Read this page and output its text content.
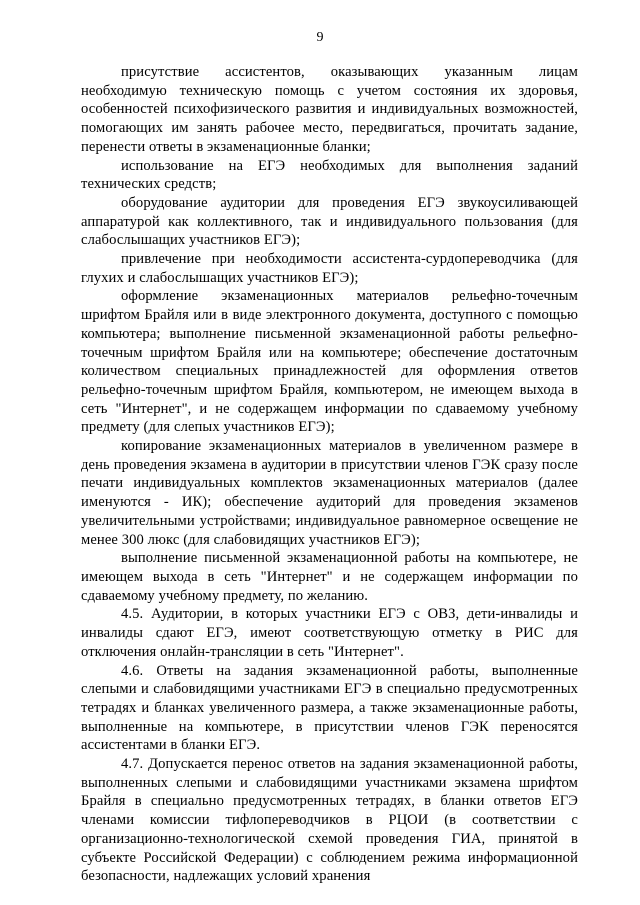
9

присутствие ассистентов, оказывающих указанным лицам необходимую техническую помощь с учетом состояния их здоровья, особенностей психофизического развития и индивидуальных возможностей, помогающих им занять рабочее место, передвигаться, прочитать задание, перенести ответы в экзаменационные бланки;

использование на ЕГЭ необходимых для выполнения заданий технических средств;

оборудование аудитории для проведения ЕГЭ звукоусиливающей аппаратурой как коллективного, так и индивидуального пользования (для слабослышащих участников ЕГЭ);

привлечение при необходимости ассистента-сурдопереводчика (для глухих и слабослышащих участников ЕГЭ);

оформление экзаменационных материалов рельефно-точечным шрифтом Брайля или в виде электронного документа, доступного с помощью компьютера; выполнение письменной экзаменационной работы рельефно-точечным шрифтом Брайля или на компьютере; обеспечение достаточным количеством специальных принадлежностей для оформления ответов рельефно-точечным шрифтом Брайля, компьютером, не имеющем выхода в сеть "Интернет", и не содержащем информации по сдаваемому учебному предмету (для слепых участников ЕГЭ);

копирование экзаменационных материалов в увеличенном размере в день проведения экзамена в аудитории в присутствии членов ГЭК сразу после печати индивидуальных комплектов экзаменационных материалов (далее именуются - ИК); обеспечение аудиторий для проведения экзаменов увеличительными устройствами; индивидуальное равномерное освещение не менее 300 люкс (для слабовидящих участников ЕГЭ);

выполнение письменной экзаменационной работы на компьютере, не имеющем выхода в сеть "Интернет" и не содержащем информации по сдаваемому учебному предмету, по желанию.

4.5. Аудитории, в которых участники ЕГЭ с ОВЗ, дети-инвалиды и инвалиды сдают ЕГЭ, имеют соответствующую отметку в РИС для отключения онлайн-трансляции в сеть "Интернет".

4.6. Ответы на задания экзаменационной работы, выполненные слепыми и слабовидящими участниками ЕГЭ в специально предусмотренных тетрадях и бланках увеличенного размера, а также экзаменационные работы, выполненные на компьютере, в присутствии членов ГЭК переносятся ассистентами в бланки ЕГЭ.

4.7. Допускается перенос ответов на задания экзаменационной работы, выполненных слепыми и слабовидящими участниками экзамена шрифтом Брайля в специально предусмотренных тетрадях, в бланки ответов ЕГЭ членами комиссии тифлопереводчиков в РЦОИ (в соответствии с организационно-технологической схемой проведения ГИА, принятой в субъекте Российской Федерации) с соблюдением режима информационной безопасности, надлежащих условий хранения
